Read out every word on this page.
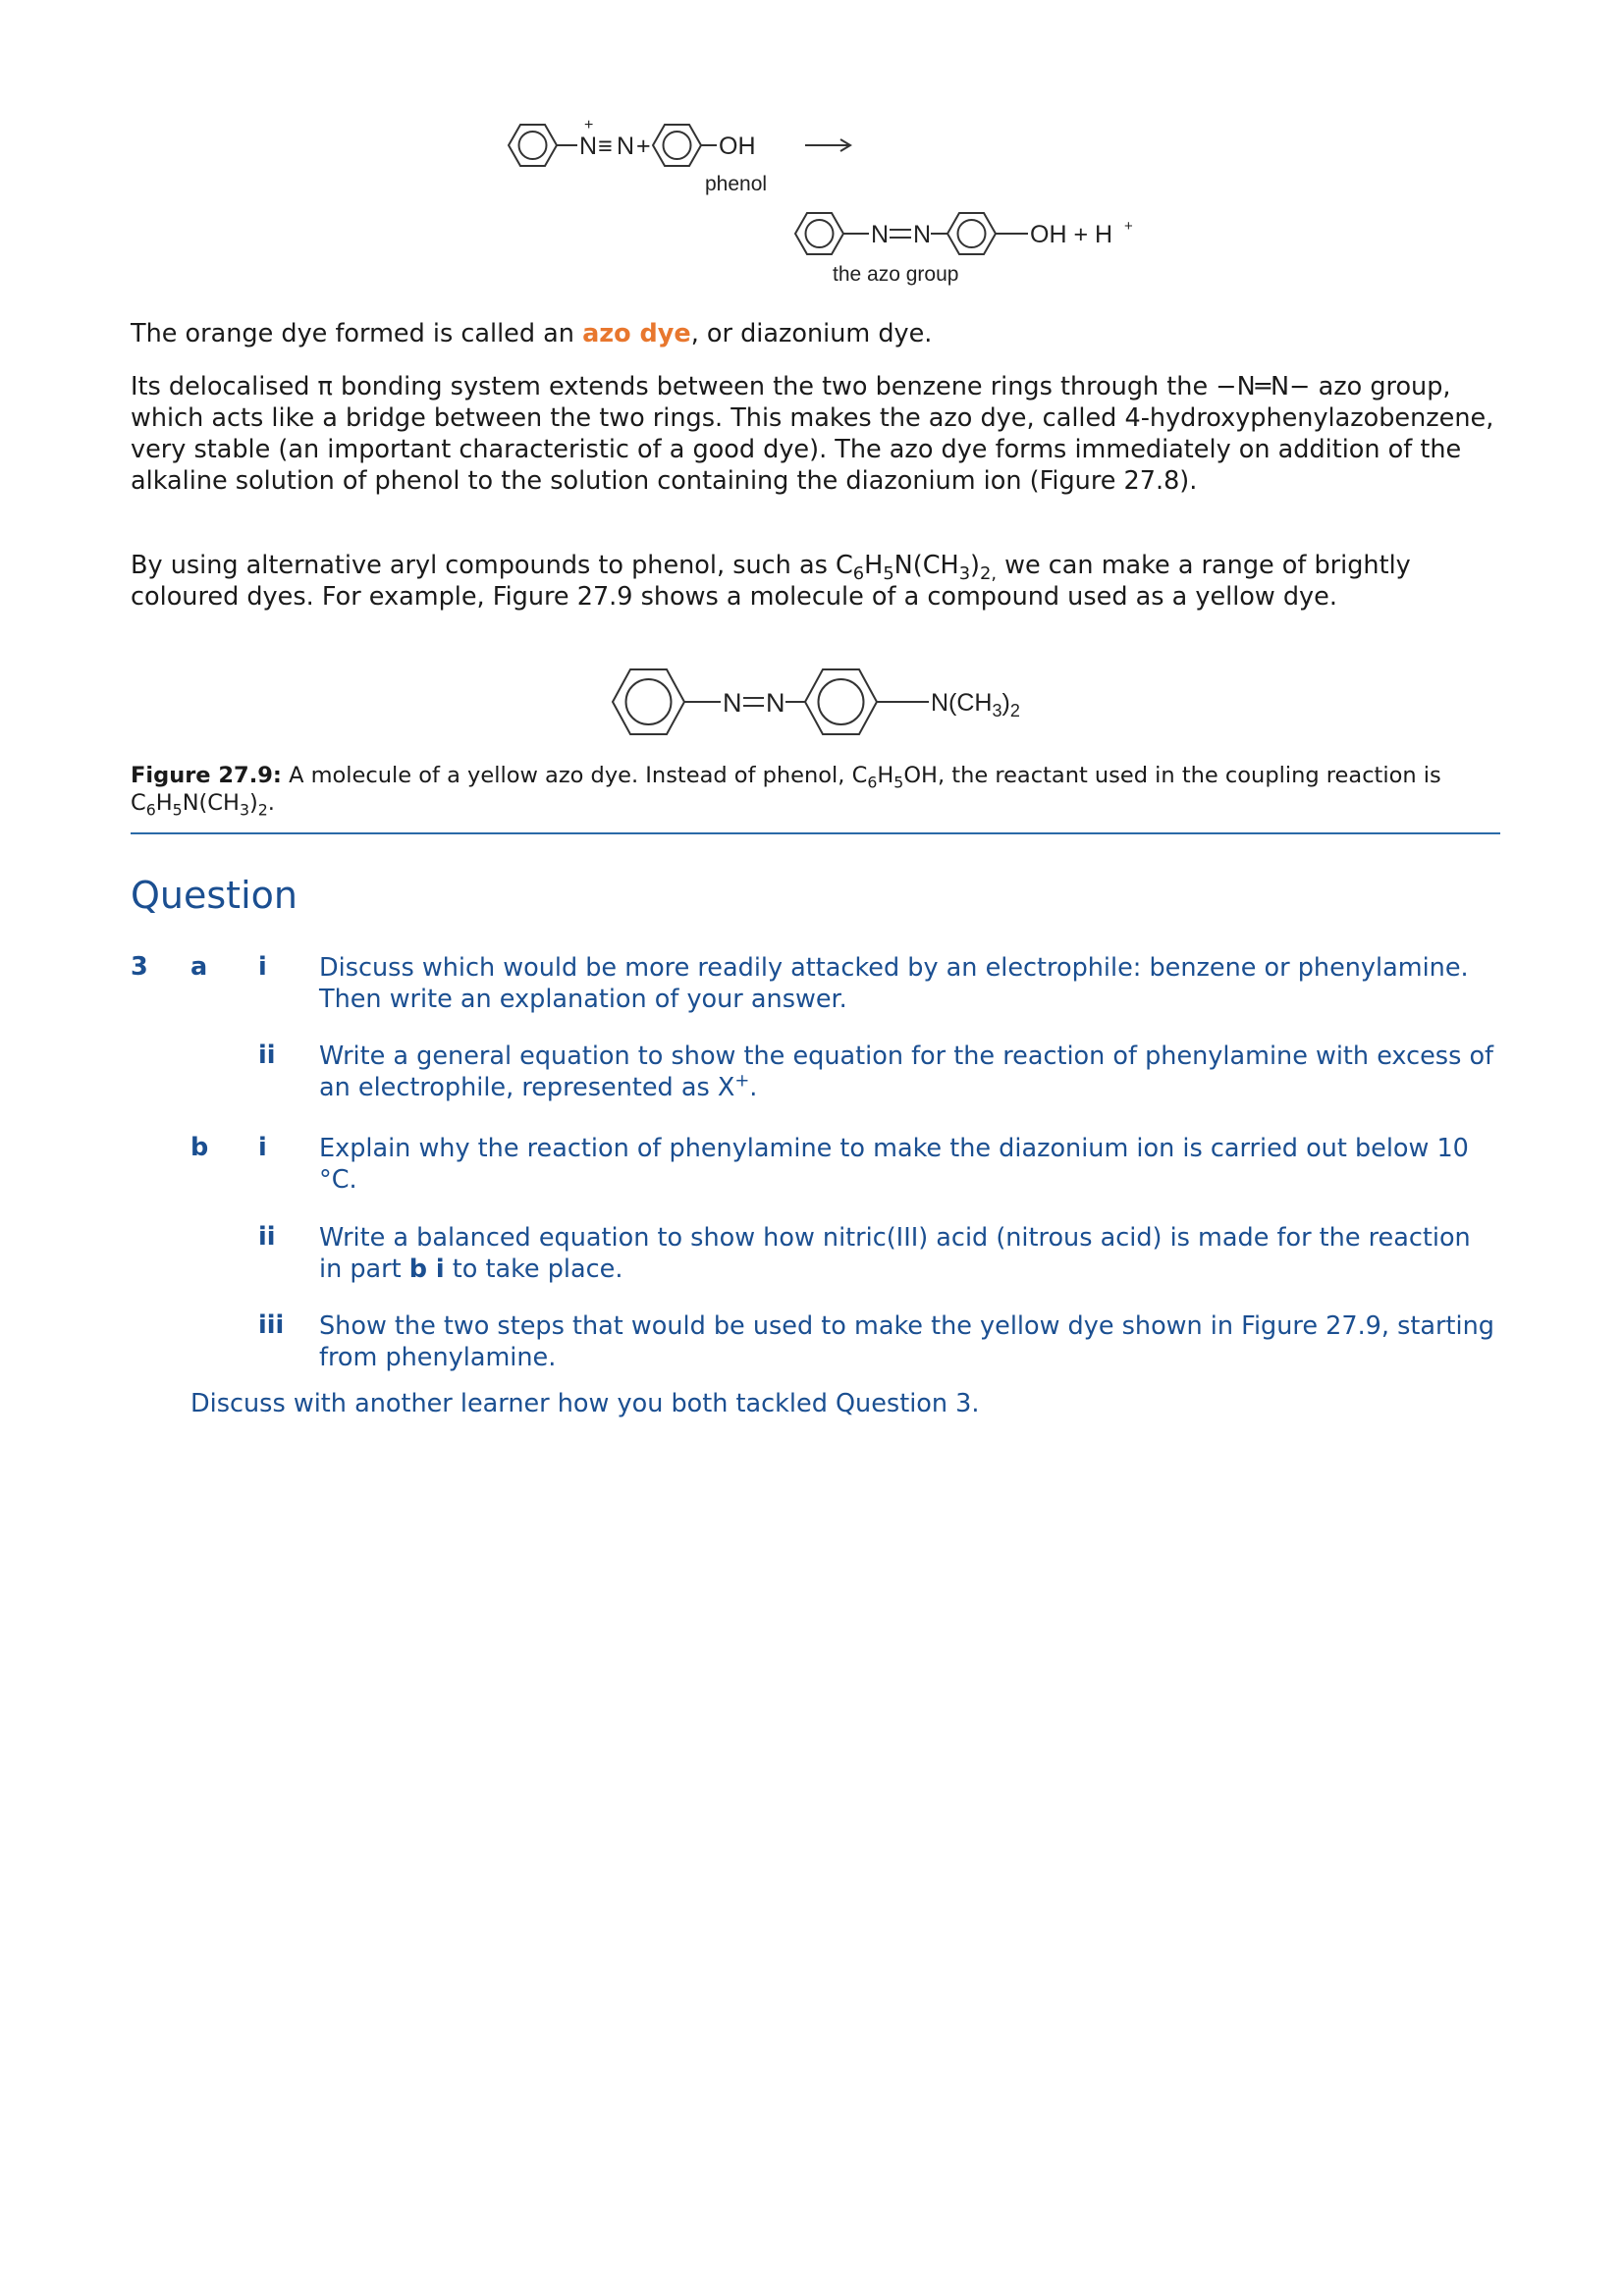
+
N ≡ N +	OH
phenol
N N	OH + H +
the azo group

The orange dye formed is called an azo dye, or diazonium dye.

Its delocalised π bonding system extends between the two benzene rings through the −N═N− azo group, which acts like a bridge between the two rings. This makes the azo dye, called 4-hydroxyphenylazobenzene, very stable (an important characteristic of a good dye). The azo dye forms immediately on addition of the alkaline solution of phenol to the solution containing the diazonium ion (Figure 27.8).

By using alternative aryl compounds to phenol, such as $C_6H_5N(CH_3)_{2,}$ we can make a range of brightly coloured dyes. For example, Figure 27.9 shows a molecule of a compound used as a yellow dye.

N N	$N(CH_3)_2$
Figure 27.9: A molecule of a yellow azo dye. Instead of phenol, $C_6H_5OH$, the reactant used in the coupling reaction is $C_6H_5N(CH_3)_2$.
Question
3 a i Discuss which would be more readily attacked by an electrophile: benzene or phenylamine. Then write an explanation of your answer.
ii Write a general equation to show the equation for the reaction of phenylamine with excess of an electrophile, represented as X+.
b i Explain why the reaction of phenylamine to make the diazonium ion is carried out below 10 °C.
ii Write a balanced equation to show how nitric(III) acid (nitrous acid) is made for the reaction in part b i to take place.
iii Show the two steps that would be used to make the yellow dye shown in Figure 27.9, starting from phenylamine.
Discuss with another learner how you both tackled Question 3.
